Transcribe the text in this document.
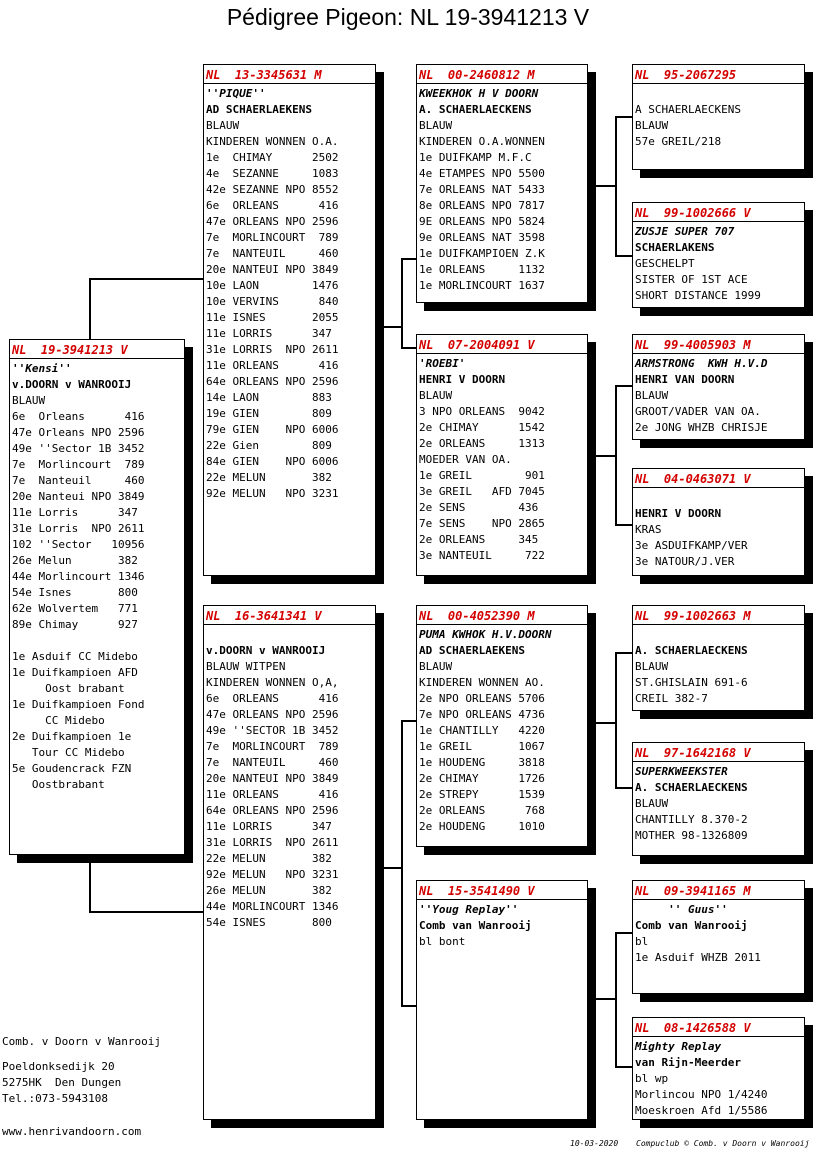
Pédigree Pigeon: NL 19-3941213 V
NL  19-3941213 V
''Kensi''
v.DOORN v WANROOIJ
BLAUW
6e  Orleans      416
47e Orleans NPO 2596
49e ''Sector 1B 3452
7e  Morlincourt  789
7e  Nanteuil     460
20e Nanteui NPO 3849
11e Lorris      347
31e Lorris  NPO 2611
102 ''Sector   10956
26e Melun       382
44e Morlincourt 1346
54e Isnes       800
62e Wolvertem   771
89e Chimay      927
1e Asduif CC Midebo
1e Duifkampioen AFD
Oost brabant
1e Duifkampioen Fond
CC Midebo
2e Duifkampioen 1e
Tour CC Midebo
5e Goudencrack FZN
Oostbrabant
NL  13-3345631 M
''PIQUE''
AD SCHAERLAEKENS
BLAUW
KINDEREN WONNEN O.A.
1e  CHIMAY      2502
4e  SEZANNE     1083
42e SEZANNE NPO 8552
6e  ORLEANS      416
47e ORLEANS NPO 2596
7e  MORLINCOURT  789
7e  NANTEUIL     460
20e NANTEUI NPO 3849
10e LAON        1476
10e VERVINS      840
11e ISNES       2055
11e LORRIS      347
31e LORRIS  NPO 2611
11e ORLEANS      416
64e ORLEANS NPO 2596
14e LAON        883
19e GIEN        809
79e GIEN    NPO 6006
22e Gien        809
84e GIEN    NPO 6006
22e MELUN       382
92e MELUN   NPO 3231
NL  16-3641341 V
v.DOORN v WANROOIJ
BLAUW WITPEN
KINDEREN WONNEN O,A,
6e  ORLEANS      416
47e ORLEANS NPO 2596
49e ''SECTOR 1B 3452
7e  MORLINCOURT  789
7e  NANTEUIL     460
20e NANTEUI NPO 3849
11e ORLEANS      416
64e ORLEANS NPO 2596
11e LORRIS      347
31e LORRIS  NPO 2611
22e MELUN       382
92e MELUN   NPO 3231
26e MELUN       382
44e MORLINCOURT 1346
54e ISNES       800
NL  00-2460812 M
KWEEKHOK H V DOORN
A. SCHAERLAECKENS
BLAUW
KINDEREN O.A.WONNEN
1e DUIFKAMP M.F.C
4e ETAMPES NPO 5500
7e ORLEANS NAT 5433
8e ORLEANS NPO 7817
9E ORLEANS NPO 5824
9e ORLEANS NAT 3598
1e DUIFKAMPIOEN Z.K
1e ORLEANS     1132
1e MORLINCOURT 1637
NL  07-2004091 V
'ROEBI'
HENRI V DOORN
BLAUW
3 NPO ORLEANS  9042
2e CHIMAY      1542
2e ORLEANS     1313
MOEDER VAN OA.
1e GREIL        901
3e GREIL   AFD 7045
2e SENS        436
7e SENS    NPO 2865
2e ORLEANS     345
3e NANTEUIL     722
NL  00-4052390 M
PUMA KWHOK H.V.DOORN
AD SCHAERLAEKENS
BLAUW
KINDEREN WONNEN AO.
2e NPO ORLEANS 5706
7e NPO ORLEANS 4736
1e CHANTILLY   4220
1e GREIL       1067
1e HOUDENG     3818
2e CHIMAY      1726
2e STREPY      1539
2e ORLEANS      768
2e HOUDENG     1010
NL  15-3541490 V
''Youg Replay''
Comb van Wanrooij
bl bont
NL  95-2067295
A SCHAERLAECKENS
BLAUW
57e GREIL/218
NL  99-1002666 V
ZUSJE SUPER 707
SCHAERLAKENS
GESCHELPT
SISTER OF 1ST ACE
SHORT DISTANCE 1999
NL  99-4005903 M
ARMSTRONG  KWH H.V.D
HENRI VAN DOORN
BLAUW
GROOT/VADER VAN OA.
2e JONG WHZB CHRISJE
NL  04-0463071 V
HENRI V DOORN
KRAS
3e ASDUIFKAMP/VER
3e NATOUR/J.VER
NL  99-1002663 M
A. SCHAERLAECKENS
BLAUW
ST.GHISLAIN 691-6
CREIL 382-7
NL  97-1642168 V
SUPERKWEEKSTER
A. SCHAERLAECKENS
BLAUW
CHANTILLY 8.370-2
MOTHER 98-1326809
NL  09-3941165 M
'' Guus''
Comb van Wanrooij
bl
1e Asduif WHZB 2011
NL  08-1426588 V
Mighty Replay
van Rijn-Meerder
bl wp
Morlincou NPO 1/4240
Moeskroen Afd 1/5586
Comb. v Doorn v Wanrooij
Poeldonksedijk 20
5275HK  Den Dungen
Tel.:073-5943108
www.henrivandoorn.com
10-03-2020 Compuclub © Comb. v Doorn v Wanrooij
